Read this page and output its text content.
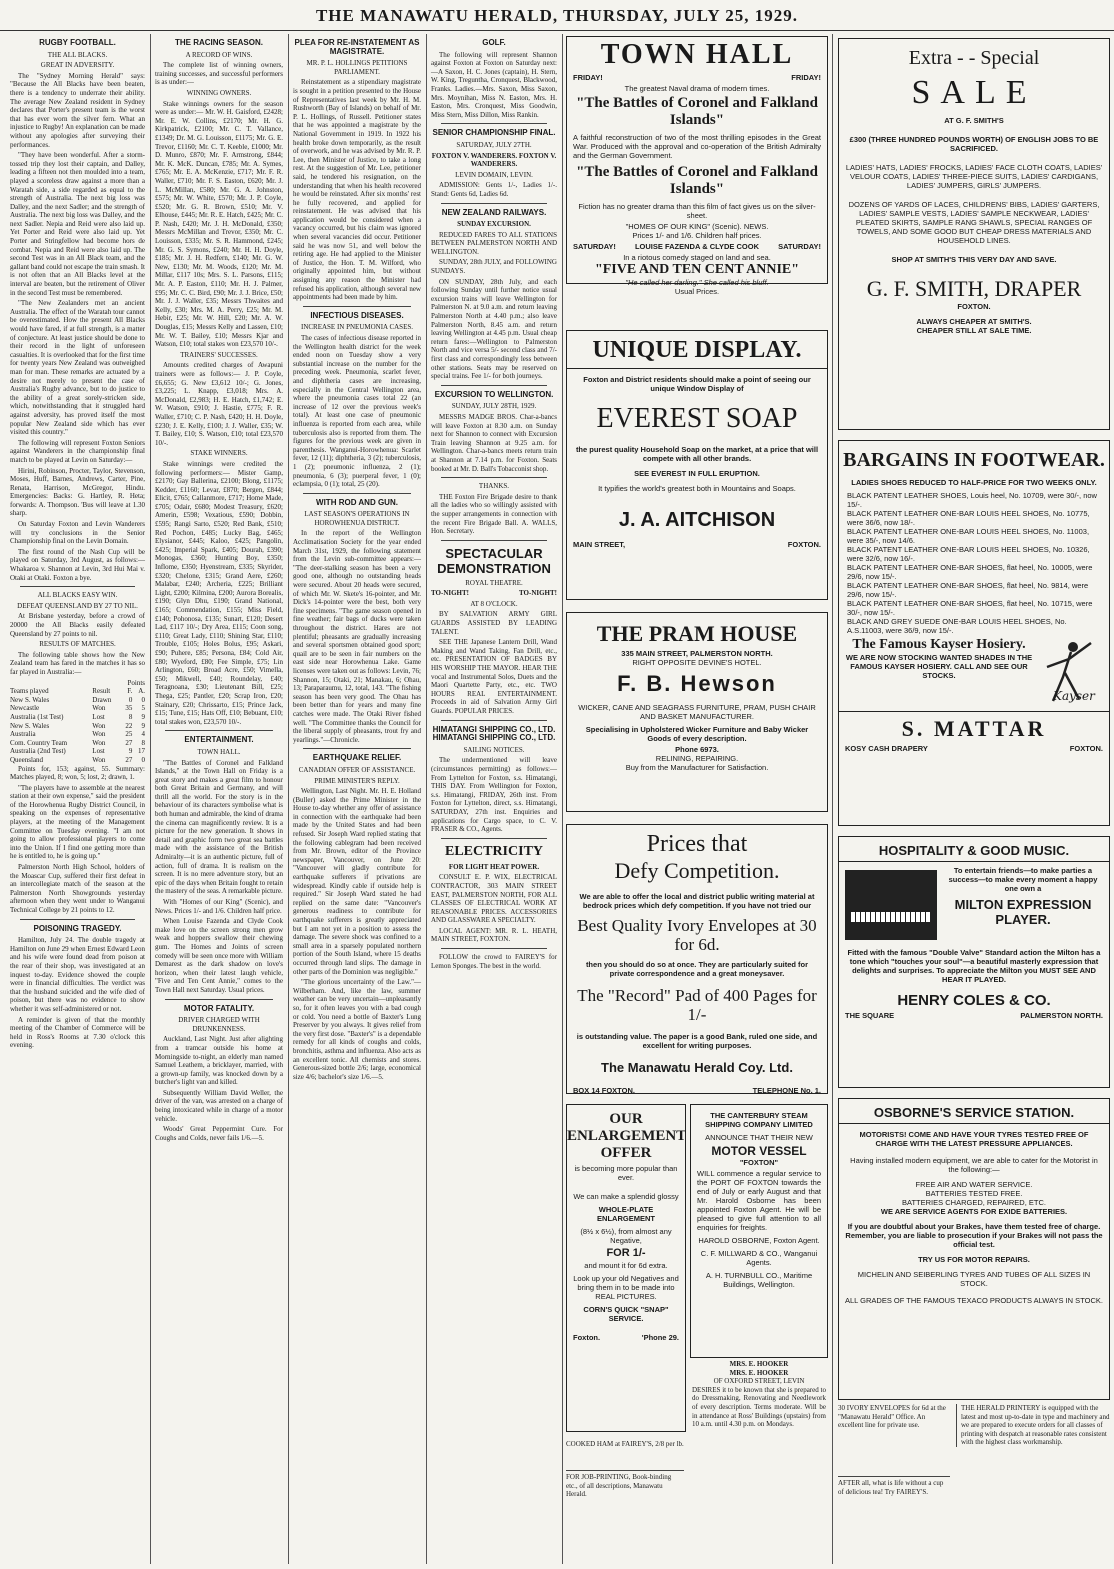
THE MANAWATU HERALD, THURSDAY, JULY 25, 1929.
RUGBY FOOTBALL.
THE ALL BLACKS.
GREAT IN ADVERSITY.

The "Sydney Morning Herald" says: "Because the All Blacks have been beaten, there is a tendency to underrate their ability. The average New Zealand resident in Sydney declares that Porter's present team is the worst that has ever worn the silver fern. What an injustice to Rugby! An explanation can be made without any apologies after surveying their performances.

"They have been wonderful. After a storm-tossed trip they lost their captain, and Dalley, leading a fifteen not then moulded into a team, played a scoreless draw against a more than a Waratah side, a side regarded as equal to the strength of Australia. The next big loss was Dalley, and the next Sadler; and the strength of Australia. The next big loss was Dalley, and the next Sadler. Nepia and Reid were also laid up. Yet Porter and Reid were also laid up. Yet Porter and Stringfellow had become hors de combat. Nepia and Reid were also laid up. The second Test was in an All Black team, and the gallant band could not escape the train smash. It is not often that an All Blacks level at the interval are beaten, but the retirement of Oliver in the second Test must be remembered.

"The New Zealanders met an ancient Australia. The effect of the Waratah tour cannot be overestimated. How the present All Blacks would have fared, if at full strength, is a matter of conjecture. At least justice should be done to their record in the light of unforeseen casualties. It is overlooked that for the first time for twenty years New Zealand was outweighed man for man. These remarks are actuated by a desire not merely to present the case of Australia's Rugby advance, but to do justice to the ability of a great sorely-stricken side, which, notwithstanding that it struggled hard against adversity, has proved itself the most popular New Zealand side which has ever visited this country."

The following will represent Foxton Seniors against Wanderers in the championship final match to be played at Levin on Saturday:—

Hirini, Robinson, Procter, Taylor, Stevenson, Moses, Huff, Barnes, Andrews, Carter, Pine, Renata, Harrison, McGregor, Hindu. Emergencies: Backs: G. Hartley, R. Heta; forwards: A. Thompson. 'Bus will leave at 1.30 sharp.

On Saturday Foxton and Levin Wanderers will try conclusions in the Senior Championship final on the Levin Domain.

The first round of the Nash Cup will be played on Saturday, 3rd August, as follows:— Whakaroa v. Shannon at Levin, 3rd Hui Mai v. Otaki at Otaki. Foxton a bye.

ALL BLACKS EASY WIN.
DEFEAT QUEENSLAND BY 27 TO NIL.

At Brisbane yesterday, before a crowd of 20000 the All Blacks easily defeated Queensland by 27 points to nil.

RESULTS OF MATCHES.

The following table shows how the New Zealand team has fared in the matches it has so far played in Australia:—

		Points	
Teams played	Result	F.	A.
New S. Wales	Drawn	0	0
Newcastle	Won	35	5
Australia (1st Test)	Lost	8	9
New S. Wales	Won	22	9
Australia	Won	25	4
Com. Country Team	Won	27	8
Australia (2nd Test)	Lost	9	17
Queensland	Won	27	0

Points for, 153; against, 55. Summary: Matches played, 8; won, 5; lost, 2; drawn, 1.

"The players have to assemble at the nearest station at their own expense," said the president of the Horowhenua Rugby District Council, in speaking on the expenses of representative players, at the meeting of the Management Committee on Tuesday evening. "I am not going to allow professional players to come into the Union. If I find one getting more than he is entitled to, he is going up."

Palmerston North High School, holders of the Moascar Cup, suffered their first defeat in an intercollegiate match of the season at the Palmerston North Showgrounds yesterday afternoon when they went under to Wanganui Technical College by 21 points to 12.

POISONING TRAGEDY.

Hamilton, July 24. The double tragedy at Hamilton on June 29 when Ernest Edward Leon and his wife were found dead from poison at the rear of their shop, was investigated at an inquest to-day. Evidence showed the couple were in financial difficulties. The verdict was that the husband suicided and the wife died of poison, but there was no evidence to show whether it was self-administered or not.

A reminder is given of that the monthly meeting of the Chamber of Commerce will be held in Ross's Rooms at 7.30 o'clock this evening.

THE RACING SEASON.
A RECORD OF WINS.

The complete list of winning owners, training successes, and successful performers is as under:—

WINNING OWNERS.

Stake winnings owners for the season were as under:— Mr. W. H. Gaisford, £2428; Mr. E. W. Collins, £2170; Mr. H. G. Kirkpatrick, £2100; Mr. C. T. Vallance, £1349; Dr. M. G. Louisson, £1175; Mr. G. E. Trevor, £1160; Mr. C. T. Keeble, £1000; Mr. D. Munro, £870; Mr. F. Armstrong, £844; Mr. K. McK. Duncan, £785; Mr. A. Symes, £765; Mr. E. A. McKenzie, £717; Mr. F. R. Waller, £710; Mr. F. S. Easton, £620; Mr. J. L. McMillan, £580; Mr. G. A. Johnston, £575; Mr. W. White, £570; Mr. J. P. Coyle, £520; Mr. G. R. Brown, £510; Mr. V. Elhouse, £445; Mr. R. E. Hatch, £425; Mr. C. P. Nash, £420; Mr. J. H. McDonald, £350; Messrs McMillan and Trevor, £350; Mr. C. Louisson, £335; Mr. S. R. Hammond, £245; Mr. G. S. Symons, £240; Mr. H. H. Doyle, £185; Mr. J. H. Redfern, £140; Mr. G. W. New, £130; Mr. M. Woods, £120; Mr. M. Millar, £117 10s; Mrs. S. L. Parsons, £115; Mr. A. P. Easton, £110; Mr. H. J. Palmer, £95; Mr. C. C. Bird, £90; Mr. J. J. Brice, £50; Mr. J. J. Waller, £35; Messrs Thwaites and Kelly, £30; Mrs. M. A. Perry, £25; Mr. M. Hebir, £25; Mr. W. Hill, £20; Mr. A. W. Douglas, £15; Messrs Kelly and Lassen, £10; Mr. W. T. Bailey, £10; Messrs Kjar and Watson, £10; total stakes won £23,570 10/-.

TRAINERS' SUCCESSES.

Amounts credited charges of Awapuni trainers were as follows:— J. P. Coyle, £6,655; G. New £3,612 10/-; G. Jones, £3,225; L. Knapp, £3,018; Mrs. A. McDonald, £2,983; H. E. Hatch, £1,742; E. W. Watson, £910; J. Hastie, £775; F. R. Waller, £710; C. P. Nash, £420; H. H. Doyle, £230; J. E. Kelly, £100; J. J. Waller, £35; W. T. Bailey, £10; S. Watson, £10; total £23,570 10/-.

STAKE WINNERS.

Stake winnings were credited the following performers:— Mister Gamp, £2170; Gay Ballerina, £2100; Blong, £1175; Kedder, £1160; Levar, £870; Bergen, £844; Elicit, £765; Callanmore, £717; Home Made, £705; Odair, £680; Modest Treasury, £620; Amerin, £598; Vexatious, £590; Dobbin, £595; Rangi Sarto, £520; Red Bank, £510; Red Pochon, £485; Lucky Bag, £465; Elysianor, £445; Kaloo, £425; Pangolin, £425; Imperial Spark, £405; Dourah, £390; Monogas, £360; Hunting Boy, £350; Inflome, £350; Hyenstream, £335; Skyrider, £320; Chelone, £315; Grand Aere, £260; Malabar, £240; Archeria, £225; Brilliant Light, £200; Kilmina, £200; Aurora Borealis, £190; Glyn Dhu, £190; Grand National, £165; Commendation, £155; Miss Field, £140; Pohonosa, £135; Sunart, £120; Desert Lad, £117 10/-; Dry Area, £115; Coon song, £110; Great Lady, £110; Shining Star, £110; Trouble, £105; Holes Bolus, £95; Askari, £90; Puhere, £85; Persona, £84; Cold Air, £80; Wyeford, £80; Fee Simple, £75; Lin Arlington, £60; Broad Acre, £50; Vimella, £50; Mikwell, £40; Roundelay, £40; Teragnoana, £30; Lieutenant Bill, £25; Thega, £25; Pantler, £20; Scrap Iron, £20; Stainary, £20; Chrissarto, £15; Prince Jack, £15; Tune, £15; Hats Off, £10; Bebuant, £10; total stakes won, £23,570 10/-.

ENTERTAINMENT.
TOWN HALL.

"The Battles of Coronel and Falkland Islands," at the Town Hall on Friday is a great story and makes a great film to honour both Great Britain and Germany, and will thrill all the world. For the story is in the behaviour of its characters symbolise what is both human and admirable, the kind of drama the cinema can magnificently review. It is a picture for the new generation. It shows in detail and graphic form two great sea battles made with the assistance of the British Admiralty—it is an authentic picture, full of action, full of drama. It is realism on the screen. It is no mere adventure story, but an epic of the days when Britain fought to retain the mastery of the seas. A remarkable picture.

With "Homes of our King" (Scenic), and News. Prices 1/- and 1/6. Children half price.

When Louise Fazenda and Clyde Cook make love on the screen strong men grow weak and hoppers swallow their chewing gum. The Homes and Joints of screen comedy will be seen once more with William Demarest as the dark shadow on love's horizon, when their latest laugh vehicle, "Five and Ten Cent Annie," comes to the Town Hall next Saturday. Usual prices.

MOTOR FATALITY.
DRIVER CHARGED WITH DRUNKENNESS.

Auckland, Last Night. Just after alighting from a tramcar outside his home at Morningside to-night, an elderly man named Samuel Leathem, a bricklayer, married, with a grown-up family, was knocked down by a butcher's light van and killed.

Subsequently William David Weller, the driver of the van, was arrested on a charge of being intoxicated while in charge of a motor vehicle.

Woods' Great Peppermint Cure. For Coughs and Colds, never fails 1/6.—5.

PLEA FOR RE-INSTATEMENT AS MAGISTRATE.
MR. P. L. HOLLINGS PETITIONS PARLIAMENT.

Reinstatement as a stipendiary magistrate is sought in a petition presented to the House of Representatives last week by Mr. H. M. Rushworth (Bay of Islands) on behalf of Mr. P. L. Hollings, of Russell. Petitioner states that he was appointed a magistrate by the National Government in 1919. In 1922 his health broke down temporarily, as the result of overwork, and he was advised by Mr. R. P. Lee, then Minister of Justice, to take a long rest. At the suggestion of Mr. Lee, petitioner said, he tendered his resignation, on the understanding that when his health recovered he would be reinstated. After six months' rest he fully recovered, and applied for reinstatement. He was advised that his application would be considered when a vacancy occurred, but his claim was ignored when several vacancies did occur. Petitioner said he was now 51, and well below the retiring age. He had applied to the Minister of Justice, the Hon. T. M. Wilford, who originally appointed him, but without assigning any reason the Minister had refused his application, although several new appointments had been made by him.

INFECTIOUS DISEASES.
INCREASE IN PNEUMONIA CASES.

The cases of infectious disease reported in the Wellington health district for the week ended noon on Tuesday show a very substantial increase on the number for the preceding week. Pneumonia, scarlet fever, and diphtheria cases are increasing, especially in the Central Wellington area, where the pneumonia cases total 22 (an increase of 12 over the previous week's total). At least one case of pneumonic influenza is reported from each area, while tuberculosis also is reported from them. The figures for the previous week are given in parenthesis. Wanganui-Horowhenua: Scarlet fever, 12 (11); diphtheria, 3 (2); tuberculosis, 1 (2); pneumonic influenza, 2 (1); pneumonia, 6 (3); puerperal fever, 1 (0); eclampsia, 0 (1); total, 25 (20).

WITH ROD AND GUN.
LAST SEASON'S OPERATIONS IN HOROWHENUA DISTRICT.

In the report of the Wellington Acclimatisation Society for the year ended March 31st, 1929, the following statement from the Levin sub-committee appears:— "The deer-stalking season has been a very good one, although no outstanding heads were secured. About 20 heads were secured, of which Mr. W. Skete's 16-pointer, and Mr. Dick's 14-pointer were the best, both very fine specimens. "The game season opened in fine weather; fair bags of ducks were taken throughout the district. Hares are not plentiful; pheasants are gradually increasing and several sportsmen obtained good sport; quail are to be seen in fair numbers on the east side near Horowhenua Lake. Game licenses were taken out as follows: Levin, 76; Shannon, 15; Otaki, 21; Manakau, 6; Ohau, 13; Paraparaumu, 12, total, 143. "The fishing season has been very good. The Ohau has been better than for years and many fine catches were made. The Otaki River fished well. "The Committee thanks the Council for the liberal supply of pheasants, trout fry and yearlings."—Chronicle.

EARTHQUAKE RELIEF.
CANADIAN OFFER OF ASSISTANCE.
PRIME MINISTER'S REPLY.

Wellington, Last Night. Mr. H. E. Holland (Buller) asked the Prime Minister in the House to-day whether any offer of assistance in connection with the earthquake had been made by the United States and had been refused. Sir Joseph Ward replied stating that the following cablegram had been received from Mr. Brown, editor of the Province newspaper, Vancouver, on June 20: "Vancouver will gladly contribute for earthquake sufferers if privations are widespread. Kindly cable if outside help is required." Sir Joseph Ward stated he had replied on the same date: "Vancouver's generous readiness to contribute for earthquake sufferers is greatly appreciated but I am not yet in a position to assess the damage. The severe shock was confined to a small area in a sparsely populated northern portion of the South Island, where 15 deaths occurred through land slips. The damage in other parts of the Dominion was negligible."

"The glorious uncertainty of the Law."—Wilberham. And, like the law, summer weather can be very uncertain—unpleasantly so, for it often leaves you with a bad cough or cold. You need a bottle of Baxter's Lung Preserver by you always. It gives relief from the very first dose. "Baxter's" is a dependable remedy for all kinds of coughs and colds, bronchitis, asthma and influenza. Also acts as an excellent tonic. All chemists and stores. Generous-sized bottle 2/6; large, economical size 4/6; bachelor's size 1/6.—5.

GOLF.

The following will represent Shannon against Foxton at Foxton on Saturday next:—A Saxon, H. C. Jones (captain), H. Stern, W. King, Treguntha, Cronquest, Blackwood, Franks. Ladies.—Mrs. Saxon, Miss Saxon, Mrs. Moynihan, Miss N. Easton, Mrs. H. Easton, Mrs. Cronquest, Miss Goodwin, Miss Stern, Miss Dillon, Miss Rankin.

SENIOR CHAMPIONSHIP FINAL.
SATURDAY, JULY 27TH.
FOXTON V. WANDERERS. FOXTON V. WANDERERS.
LEVIN DOMAIN, LEVIN.

ADMISSION: Gents 1/-, Ladies 1/-. Stand: Gents 6d, Ladies 6d.

NEW ZEALAND RAILWAYS.
SUNDAY EXCURSION.

REDUCED FARES TO ALL STATIONS BETWEEN PALMERSTON NORTH AND WELLINGTON.

SUNDAY, 28th JULY, and FOLLOWING SUNDAYS.

ON SUNDAY, 28th July, and each following Sunday until further notice usual excursion trains will leave Wellington for Palmerston N. at 9.0 a.m. and return leaving Palmerston North at 4.40 p.m.; also leave Palmerston North, 8.45 a.m. and return leaving Wellington at 4.45 p.m. Usual cheap return fares:—Wellington to Palmerston North and vice versa 5/- second class and 7/- first class and correspondingly less between other stations. Seats may be reserved on special trains. Fee 1/- for both journeys.

EXCURSION TO WELLINGTON.
SUNDAY, JULY 28TH, 1929.

MESSRS MADGE BROS. Char-a-bancs will leave Foxton at 8.30 a.m. on Sunday next for Shannon to connect with Excursion Train leaving Shannon at 9.25 a.m. for Wellington. Char-a-bancs meets return train at Shannon at 7.14 p.m. for Foxton. Seats booked at Mr. D. Ball's Tobacconist shop.

THANKS.

THE Foxton Fire Brigade desire to thank all the ladies who so willingly assisted with the supper arrangements in connection with the recent Fire Brigade Ball. A. WALLS, Hon. Secretary.

SPECTACULAR DEMONSTRATION
ROYAL THEATRE.
TO-NIGHT!	TO-NIGHT!
AT 8 O'CLOCK.

BY SALVATION ARMY GIRL GUARDS ASSISTED BY LEADING TALENT.

SEE THE Japanese Lantern Drill, Wand Making and Wand Taking, Fan Drill, etc., etc. PRESENTATION OF BADGES BY HIS WORSHIP THE MAYOR. HEAR THE vocal and Instrumental Solos, Duets and the Maori Quartette Party, etc., etc. TWO HOURS REAL ENTERTAINMENT. Proceeds in aid of Salvation Army Girl Guards. POPULAR PRICES.

HIMATANGI SHIPPING CO., LTD. HIMATANGI SHIPPING CO., LTD.
SAILING NOTICES.

The undermentioned will leave (circumstances permitting) as follows:— From Lyttelton for Foxton, s.s. Himatangi, THIS DAY. From Wellington for Foxton, s.s. Himatangi, FRIDAY, 26th inst. From Foxton for Lyttelton, direct, s.s. Himatangi, SATURDAY, 27th inst. Enquiries and applications for Cargo space, to C. V. FRASER & CO., Agents.

ELECTRICITY
FOR LIGHT HEAT POWER.

CONSULT E. P. WIX, ELECTRICAL CONTRACTOR, 303 MAIN STREET EAST, PALMERSTON NORTH, FOR ALL CLASSES OF ELECTRICAL WORK AT REASONABLE PRICES. ACCESSORIES AND GLASSWARE A SPECIALTY.

LOCAL AGENT: MR. R. L. HEATH, MAIN STREET, FOXTON.

FOLLOW the crowd to FAIREY'S for Lemon Sponges. The best in the world.

TOWN HALL
FRIDAY!	FRIDAY!
The greatest Naval drama of modern times.
"The Battles of Coronel and Falkland Islands"
A faithful reconstruction of two of the most thrilling episodes in the Great War. Produced with the approval and co-operation of the British Admiralty and the German Government.
"The Battles of Coronel and Falkland Islands"
Fiction has no greater drama than this film of fact gives us on the silver-sheet.
"HOMES OF OUR KING" (Scenic). NEWS.
Prices 1/- and 1/6. Children half prices.
SATURDAY!	LOUISE FAZENDA & CLYDE COOK	SATURDAY!
In a riotous comedy staged on land and sea.
"FIVE AND TEN CENT ANNIE"
"He called her darling." She called his bluff.
Usual Prices.
UNIQUE DISPLAY.
Foxton and District residents should make a point of seeing our unique Window Display of
EVEREST SOAP
the purest quality Household Soap on the market, at a price that will compete with all other brands.
SEE EVEREST IN FULL ERUPTION.
It typifies the world's greatest both in Mountains and Soaps.
J. A. AITCHISON
MAIN STREET,	FOXTON.
THE PRAM HOUSE
335 MAIN STREET, PALMERSTON NORTH.
RIGHT OPPOSITE DEVINE'S HOTEL.
F. B. Hewson
WICKER, CANE AND SEAGRASS FURNITURE, PRAM, PUSH CHAIR AND BASKET MANUFACTURER.
Specialising in Upholstered Wicker Furniture and Baby Wicker Goods of every description.
Phone 6973.
RELINING, REPAIRING.
Buy from the Manufacturer for Satisfaction.
Prices that
Defy Competition.
We are able to offer the local and district public writing material at bedrock prices which defy competition. If you have not tried our
Best Quality Ivory Envelopes at 30 for 6d.
then you should do so at once. They are particularly suited for private correspondence and a great moneysaver.
The "Record" Pad of 400 Pages for 1/-
is outstanding value. The paper is a good Bank, ruled one side, and excellent for writing purposes.
The Manawatu Herald Coy. Ltd.
BOX 14 FOXTON.	TELEPHONE No. 1.
OUR ENLARGEMENT OFFER
is becoming more popular than ever.
We can make a splendid glossy
WHOLE-PLATE ENLARGEMENT
(8½ x 6½), from almost any Negative,
FOR 1/-
and mount it for 6d extra.
Look up your old Negatives and bring them in to be made into REAL PICTURES.
CORN'S QUICK "SNAP" SERVICE.
Foxton.	'Phone 29.
THE CANTERBURY STEAM SHIPPING COMPANY LIMITED
ANNOUNCE THAT THEIR NEW
MOTOR VESSEL
"FOXTON"
WILL commence a regular service to the PORT OF FOXTON towards the end of July or early August and that Mr. Harold Osborne has been appointed Foxton Agent. He will be pleased to give full attention to all enquiries for freights.
HAROLD OSBORNE, Foxton Agent.
C. F. MILLWARD & CO., Wanganui Agents.
A. H. TURNBULL CO., Maritime Buildings, Wellington.
MRS. E. HOOKER
MRS. E. HOOKER
OF OXFORD STREET, LEVIN
DESIRES it to be known that she is prepared to do Dressmaking, Renovating and Needlework of every description. Terms moderate. Will be in attendance at Ross' Buildings (upstairs) from 10 a.m. until 4.30 p.m. on Mondays.
COOKED HAM at FAIREY'S, 2/8 per lb.
FOR JOB-PRINTING, Book-binding etc., of all descriptions, Manawatu Herald.
Extra - - Special
SALE
AT G. F. SMITH'S
£300 (THREE HUNDRED POUNDS WORTH) OF ENGLISH JOBS TO BE SACRIFICED.
LADIES' HATS, LADIES' FROCKS, LADIES' FACE CLOTH COATS, LADIES' VELOUR COATS, LADIES' THREE-PIECE SUITS, LADIES' CARDIGANS, LADIES' JUMPERS, GIRLS' JUMPERS.
DOZENS OF YARDS OF LACES, CHILDRENS' BIBS, LADIES' GARTERS, LADIES' SAMPLE VESTS, LADIES' SAMPLE NECKWEAR, LADIES' PLEATED SKIRTS, SAMPLE RANG SHAWLS, SPECIAL RANGES OF TOWELS, AND SOME GOOD BUT CHEAP DRESS MATERIALS AND HOUSEHOLD LINES.
SHOP AT SMITH'S THIS VERY DAY AND SAVE.
G. F. SMITH, DRAPER
FOXTON.
ALWAYS CHEAPER AT SMITH'S.
CHEAPER STILL AT SALE TIME.
BARGAINS IN FOOTWEAR.
LADIES SHOES REDUCED TO HALF-PRICE FOR TWO WEEKS ONLY.
BLACK PATENT LEATHER SHOES, Louis heel, No. 10709, were 30/-, now 15/-.
BLACK PATENT LEATHER ONE-BAR LOUIS HEEL SHOES, No. 10775, were 36/6, now 18/-.
BLACK PATENT LEATHER ONE-BAR LOUIS HEEL SHOES, No. 11003, were 35/-, now 14/6.
BLACK PATENT LEATHER ONE-BAR LOUIS HEEL SHOES, No. 10326, were 32/6, now 16/-.
BLACK PATENT LEATHER ONE-BAR SHOES, flat heel, No. 10005, were 29/6, now 15/-.
BLACK PATENT LEATHER ONE-BAR SHOES, flat heel, No. 9814, were 29/6, now 15/-.
BLACK PATENT LEATHER ONE-BAR SHOES, flat heel, No. 10715, were 30/-, now 15/-.
BLACK AND GREY SUEDE ONE-BAR LOUIS HEEL SHOES, No. A.S.11003, were 36/9, now 15/-.
The Famous Kayser Hosiery.
WE ARE NOW STOCKING WANTED SHADES IN THE FAMOUS KAYSER HOSIERY. CALL AND SEE OUR STOCKS.
Kayser
S. MATTAR
KOSY CASH DRAPERY	FOXTON.
HOSPITALITY & GOOD MUSIC.
To entertain friends—to make parties a success—to make every moment a happy one own a
MILTON EXPRESSION PLAYER.
Fitted with the famous "Double Valve" Standard action the Milton has a tone which "touches your soul"—a beautiful masterly expression that delights and surprises. To appreciate the Milton you MUST SEE AND HEAR IT PLAYED.
HENRY COLES & CO.
THE SQUARE	PALMERSTON NORTH.
OSBORNE'S SERVICE STATION.
MOTORISTS! COME AND HAVE YOUR TYRES TESTED FREE OF CHARGE WITH THE LATEST PRESSURE APPLIANCES.
Having installed modern equipment, we are able to cater for the Motorist in the following:—
FREE AIR AND WATER SERVICE.
BATTERIES TESTED FREE.
BATTERIES CHARGED, REPAIRED, ETC.
WE ARE SERVICE AGENTS FOR EXIDE BATTERIES.
If you are doubtful about your Brakes, have them tested free of charge. Remember, you are liable to prosecution if your Brakes will not pass the official test.
TRY US FOR MOTOR REPAIRS.
MICHELIN AND SEIBERLING TYRES AND TUBES OF ALL SIZES IN STOCK.
ALL GRADES OF THE FAMOUS TEXACO PRODUCTS ALWAYS IN STOCK.
30 IVORY ENVELOPES for 6d at the "Manawatu Herald" Office. An excellent line for private use.
AFTER all, what is life without a cup of delicious tea! Try FAIREY'S.
THE HERALD PRINTERY is equipped with the latest and most up-to-date in type and machinery and we are prepared to execute orders for all classes of printing with despatch at reasonable rates consistent with the highest class workmanship.
